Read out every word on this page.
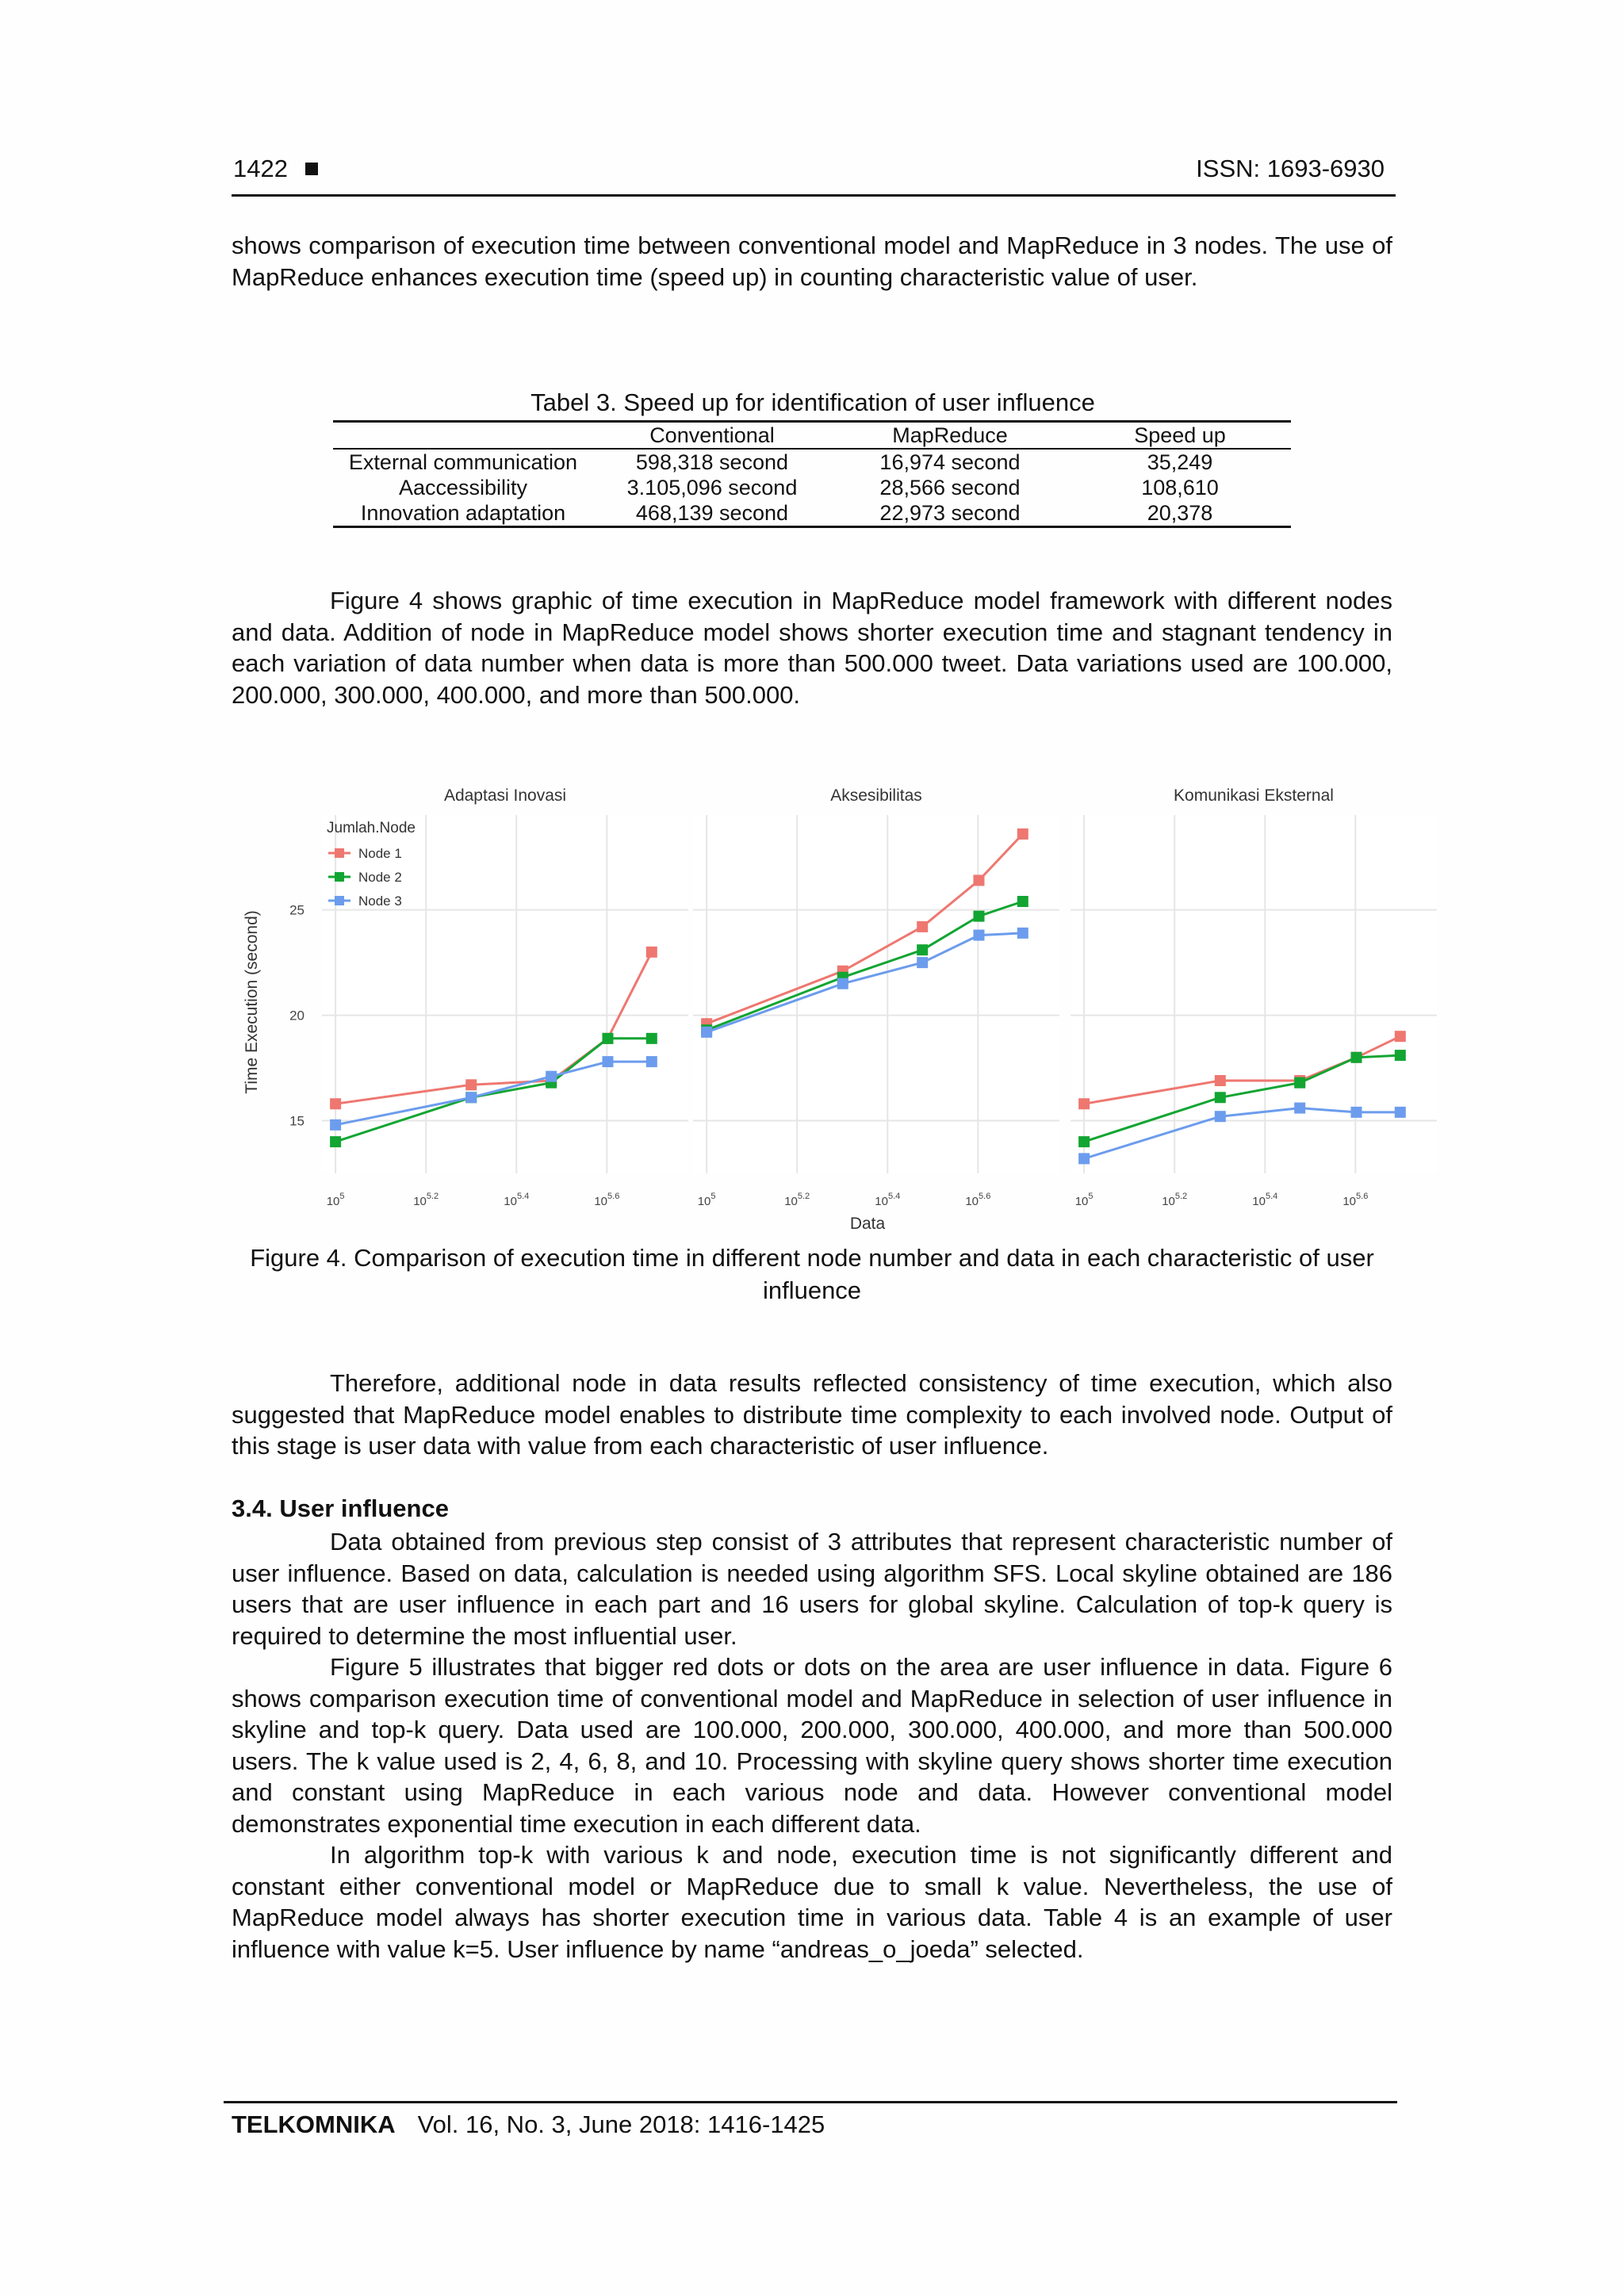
1422	ISSN: 1693-6930
shows comparison of execution time between conventional model and MapReduce in 3 nodes. The use of MapReduce enhances execution time (speed up) in counting characteristic value of user.
Tabel 3. Speed up for identification of user influence
	Conventional	MapReduce	Speed up
External communication	598,318 second	16,974 second	35,249
Aaccessibility	3.105,096 second	28,566 second	108,610
Innovation adaptation	468,139 second	22,973 second	20,378
Figure 4 shows graphic of time execution in MapReduce model framework with different nodes and data. Addition of node in MapReduce model shows shorter execution time and stagnant tendency in each variation of data number when data is more than 500.000 tweet. Data variations used are 100.000, 200.000, 300.000, 400.000, and more than 500.000.
Time Execution (second)
Adaptasi Inovasi
$10^5$	$10^{5.2}$	$10^{5.4}$	$10^{5.6}$
15
20
25
Aksesibilitas
$10^5$	$10^{5.2}$	$10^{5.4}$	$10^{5.6}$
Komunikasi Eksternal
$10^5$	$10^{5.2}$	$10^{5.4}$	$10^{5.6}$
Data
Jumlah.Node
Node 1
Node 2
Node 3
Figure 4. Comparison of execution time in different node number and data in each characteristic of user influence
Therefore, additional node in data results reflected consistency of time execution, which also suggested that MapReduce model enables to distribute time complexity to each involved node. Output of this stage is user data with value from each characteristic of user influence.
3.4. User influence

Data obtained from previous step consist of 3 attributes that represent characteristic number of user influence. Based on data, calculation is needed using algorithm SFS. Local skyline obtained are 186 users that are user influence in each part and 16 users for global skyline. Calculation of top-k query is required to determine the most influential user.

Figure 5 illustrates that bigger red dots or dots on the area are user influence in data. Figure 6 shows comparison execution time of conventional model and MapReduce in selection of user influence in skyline and top-k query. Data used are 100.000, 200.000, 300.000, 400.000, and more than 500.000 users. The k value used is 2, 4, 6, 8, and 10. Processing with skyline query shows shorter time execution and constant using MapReduce in each various node and data. However conventional model demonstrates exponential time execution in each different data.

In algorithm top-k with various k and node, execution time is not significantly different and constant either conventional model or MapReduce due to small k value. Nevertheless, the use of MapReduce model always has shorter execution time in various data. Table 4 is an example of user influence with value k=5. User influence by name “andreas_o_joeda” selected.

TELKOMNIKA Vol. 16, No. 3, June 2018: 1416-1425
